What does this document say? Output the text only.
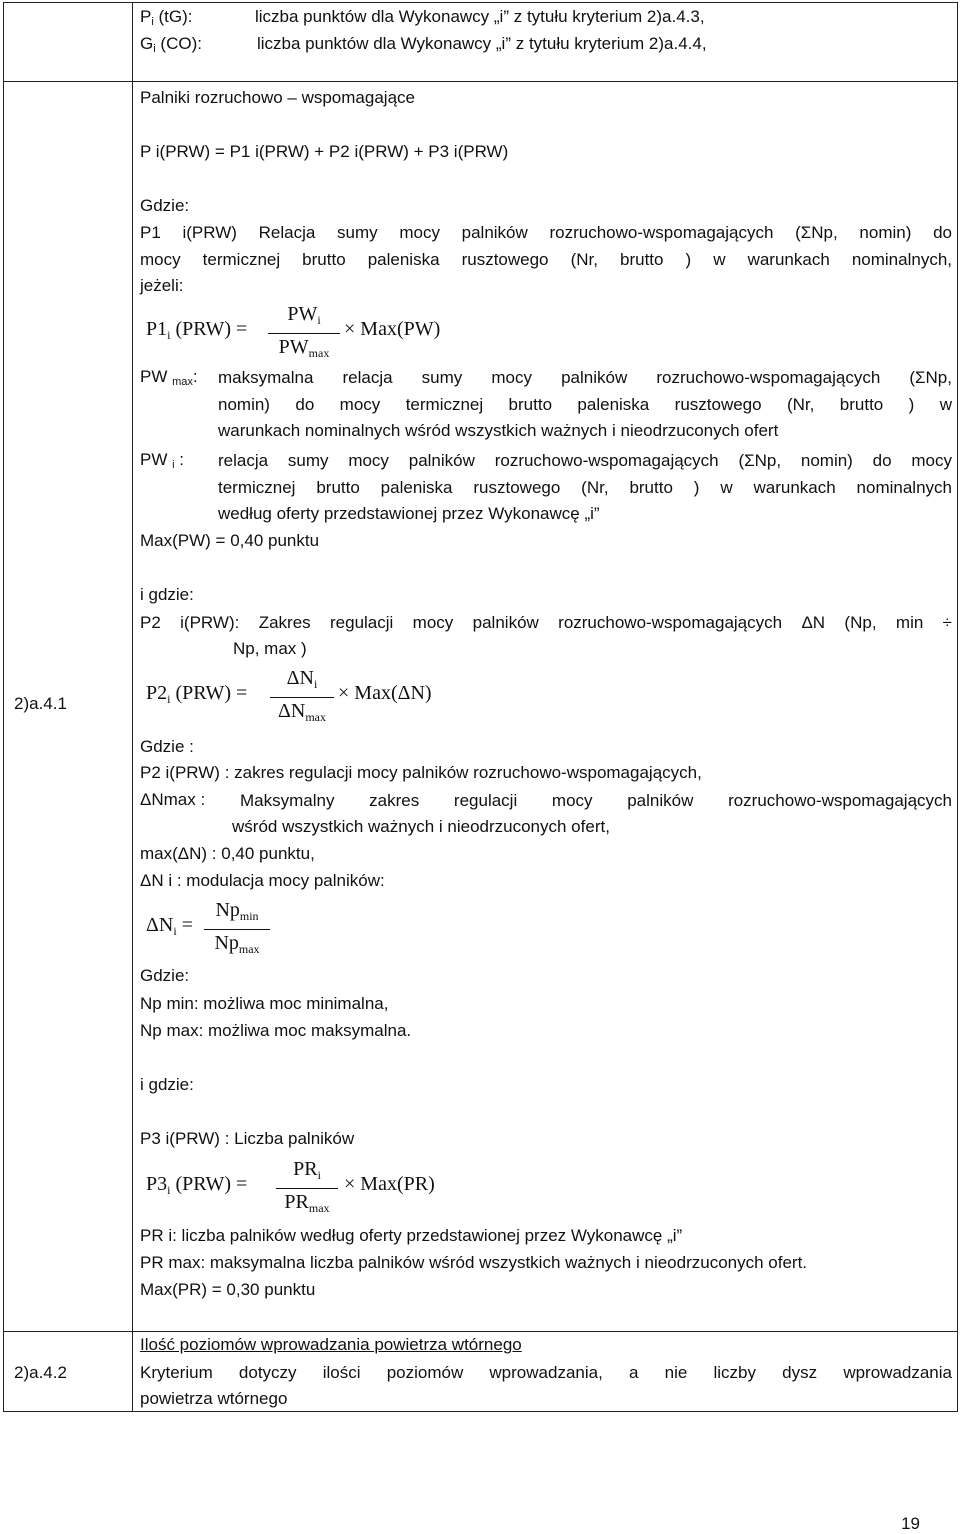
$P_i$ (tG):	liczba punktów dla Wykonawcy „i” z tytułu kryterium 2)a.4.3,
$G_i$ (CO):	liczba punktów dla Wykonawcy „i” z tytułu kryterium 2)a.4.4,
2)a.4.1
Palniki rozruchowo – wspomagające
P i(PRW) = P1 i(PRW) + P2 i(PRW) + P3 i(PRW)
Gdzie:
P1 i(PRW) Relacja sumy mocy palników rozruchowo-wspomagających (ΣNp, nomin) do
mocy termicznej brutto paleniska rusztowego (Nr, brutto ) w warunkach nominalnych,
jeżeli:
$P1_i$ (PRW) =
$PW_i$
$PW_{max}$
× Max(PW)
PW $_{max}$: maksymalna relacja sumy mocy palników rozruchowo-wspomagających (ΣNp,
nomin) do mocy termicznej brutto paleniska rusztowego (Nr, brutto ) w
warunkach nominalnych wśród wszystkich ważnych i nieodrzuconych ofert
PW $_i$ : relacja sumy mocy palników rozruchowo-wspomagających (ΣNp, nomin) do mocy
termicznej brutto paleniska rusztowego (Nr, brutto ) w warunkach nominalnych
według oferty przedstawionej przez Wykonawcę „i”
Max(PW) = 0,40 punktu
i gdzie:
P2 i(PRW): Zakres regulacji mocy palników rozruchowo-wspomagających ΔN (Np, min ÷
Np, max )
$P2_i$ (PRW) =
$\Delta N_i$
$\Delta N_{max}$
× Max(ΔN)
Gdzie :
P2 i(PRW) : zakres regulacji mocy palników rozruchowo-wspomagających,
ΔNmax : Maksymalny zakres regulacji mocy palników rozruchowo-wspomagających
wśród wszystkich ważnych i nieodrzuconych ofert,
max(ΔN) : 0,40 punktu,
ΔN i : modulacja mocy palników:
$\Delta N_i$ =
$Np_{min}$
$Np_{max}$
Gdzie:
Np min: możliwa moc minimalna,
Np max: możliwa moc maksymalna.
i gdzie:
P3 i(PRW) : Liczba palników
$P3_i$ (PRW) =
$PR_i$
$PR_{max}$
× Max(PR)
PR i: liczba palników według oferty przedstawionej przez Wykonawcę „i”
PR max: maksymalna liczba palników wśród wszystkich ważnych i nieodrzuconych ofert.
Max(PR) = 0,30 punktu
2)a.4.2
Ilość poziomów wprowadzania powietrza wtórnego
Kryterium dotyczy ilości poziomów wprowadzania, a nie liczby dysz wprowadzania
powietrza wtórnego
19
